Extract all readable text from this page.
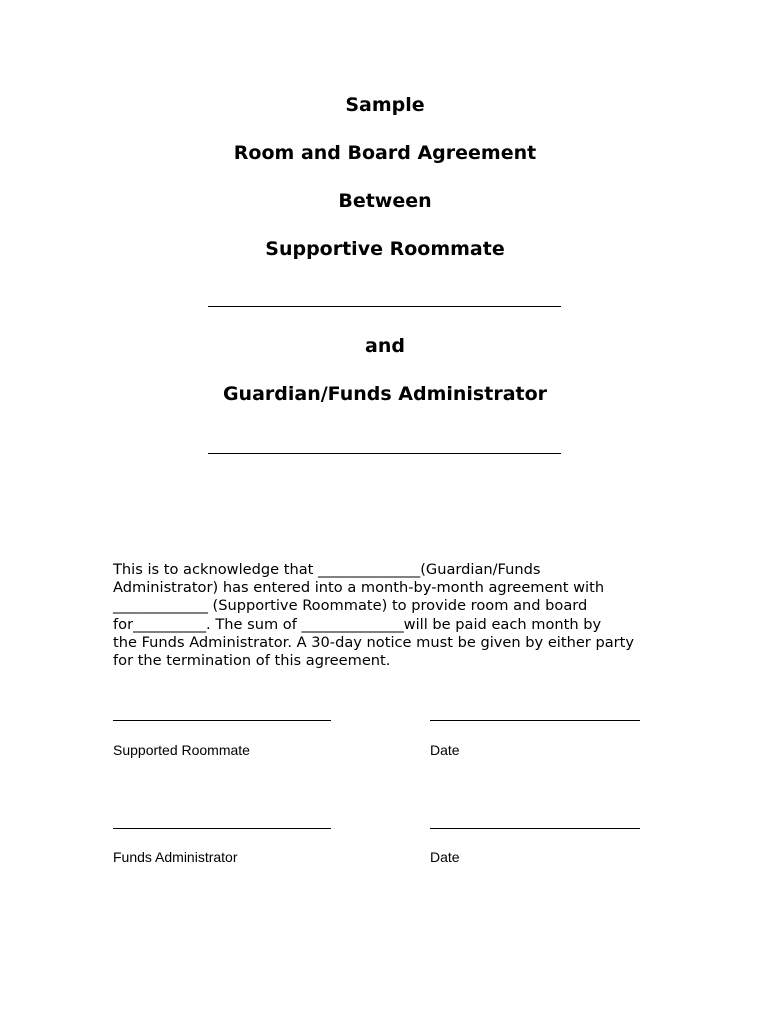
Sample
Room and Board Agreement
Between
Supportive Roommate
and
Guardian/Funds Administrator

This is to acknowledge that ______________(Guardian/Funds

Administrator) has entered into a month-by-month agreement with

_____________ (Supportive Roommate) to provide room and board

for__________. The sum of ______________will be paid each month by

the Funds Administrator. A 30-day notice must be given by either party

for the termination of this agreement.

Supported Roommate	Date

Funds Administrator	Date
